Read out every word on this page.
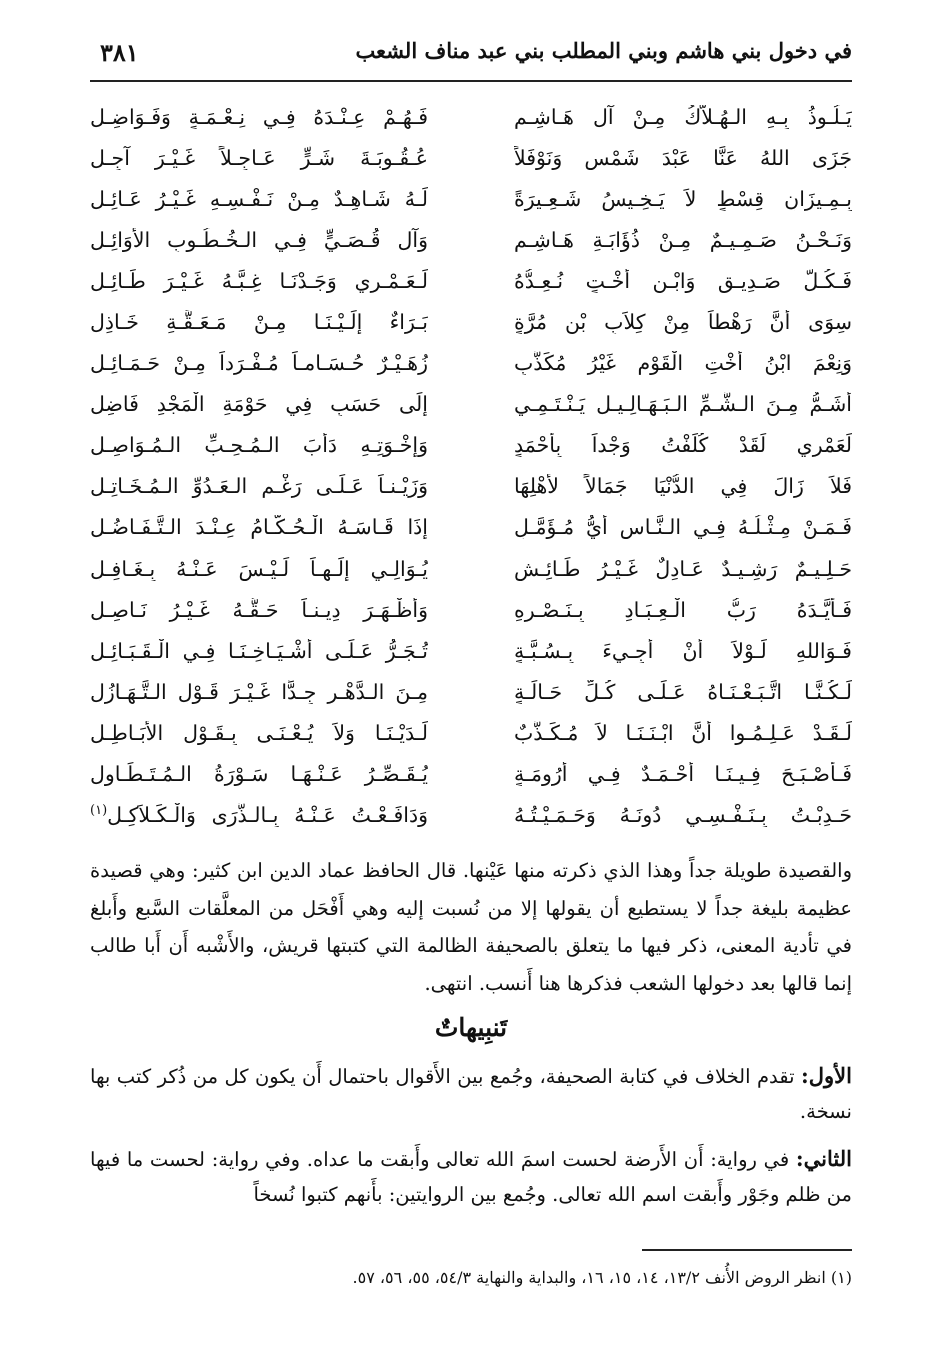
في دخول بني هاشم وبني المطلب بني عبد مناف الشعب
٣٨١
يَـلُـوذُ بِـهِ الـهُـلاَّكُ مِـنْ آلِ هَـاشِـمٍ
فَـهُـمْ عِـنْـدَهُ فِـي نِـعْـمَـةٍ وَفَـوَاضِـلِ
جَزَى اللهُ عَنَّا عَبْدَ شَمْسٍ وَنَوْفَلاً
عُـقُـوبَـةَ شَـرٍّ عَـاجِـلاً غَـيْـرَ آجِـلِ
بِـمِـيزَانِ قِسْطٍ لاَ يَـخِـيسُ شَـعِـيرَةً
لَـهُ شَـاهِـدٌ مِـنْ نَـفْـسِـهِ غَـيْـرُ عَـائِـلِ
وَنَـحْـنُ صَـمِـيـمٌ مِـنْ ذُؤَابَـةِ هَـاشِـمٍ
وَآلِ قُـصَـيٍّ فِـي الـخُـطُـوبِ الأَوَائِـلِ
فَـكُـلٌّ صَـدِيـقٍ وَابْـنِ أُخْـتٍ نُـعِـدُّهُ
لَـعَـمْـرِي وَجَـدْنَـا غِـبَّـهُ غَـيْـرَ طَـائِـلِ
سِوَى أَنَّ رَهْطاً مِنْ كِلاَبِ بْنِ مُرَّةٍ
بَـرَاءٌ إِلَـيْـنَـا مِـنْ مَـعَـقَّـةِ خَـاذِلِ
وَنِعْمَ ابْنُ أُخْتِ الْقَوْمِ غَيْرُ مُكَذَّبٍ
زُهَـيْـرٌ حُـسَـامـاً مُـفْـرَداً مِـنْ حَـمَـائِـلِ
أَشَـمُّ مِـنَ الـشُّـمِّ الـبَـهَـالِـيـلِ يَـنْـتَـمِـي
إِلَى حَسَبٍ فِي حَوْمَةِ الْمَجْدِ فَاضِلِ
لَعَمْرِي لَقَدْ كُلِّفْتُ وَجْداً بِأَحْمَدٍ
وَإِخْـوَتِـهِ دَأْبَ الـمُـحِـبِّ الـمُـوَاصِـلِ
فَلاَ زَالَ فِي الدُّنْيَا جَمَالاً لأَهْلِهَا
وَزَيْـنـاً عَـلَـى رَغْـمِ الـعَـدُوِّ الـمُـخَـاتِـلِ
فَـمَـنْ مِـثْـلُـهُ فِـي الـنَّـاسِ أَيُّ مُـؤَمَّـلٍ
إِذَا قَـاسَـهُ الْـحُـكَّـامُ عِـنْـدَ الـتَّـفَـاضُـلِ
حَـلِـيـمٌ رَشِـيـدٌ عَـادِلٌ غَـيْـرُ طَـائِـشٍ
يُـوَالِـي إِلَـهـاً لَـيْـسَ عَـنْـهُ بِـغَـافِـلِ
فَـأَيَّـدَهُ رَبُّ الْـعِـبَـادِ بِـنَـصْـرِهِ
وَأَظْـهَـرَ دِيـنـاً حَـقُّـهُ غَـيْـرُ نَـاصِـلِ
فَـوَاللهِ لَـوْلاَ أَنْ أَجِـيءَ بِـسُـبَّـةٍ
تُـجَـرُّ عَـلَـى أَشْـيَـاخِـنَـا فِـي الْـقَـبَـائِـلِ
لَـكُـنَّـا اتَّـبَـعْـنَـاهُ عَـلَـى كُـلِّ حَـالَـةٍ
مِـنَ الـدَّهْـرِ جِـدًّا غَـيْـرَ قَـوْلِ الـتَّـهَـازُلِ
لَـقَـدْ عَـلِـمُـوا أَنَّ ابْـنَـنَـا لاَ مُـكَـذَّبٌ
لَـدَيْـنَـا وَلاَ يُـعْـنَـى بِـقَـوْلِ الأَبَـاطِـلِ
فَـأَصْـبَـحَ فِـيـنَـا أَحْـمَـدٌ فِـي أُرُومَـةٍ
يُـقَـصِّـرُ عَـنْـهَـا سَـوْرَةُ الـمُـتَـطَـاوِلِ
حَـدِبْـتُ بِـنَـفْـسِـي دُونَـهُ وَحَـمَـيْـتُـهُ
وَدَافَـعْـتُ عَـنْـهُ بِـالـذُّرَى وَالْـكَـلاَكِـلِ$^{(١)}$

والقصيدة طويلة جداً وهذا الذي ذكرته منها عَيْنها. قال الحافظ عماد الدين ابن كثير: وهي قصيدة عظيمة بليغة جداً لا يستطيع أن يقولها إلا من نُسبت إليه وهي أَفْحَل من المعلَّقات السَّبع وأَبلغ في تأدية المعنى، ذكر فيها ما يتعلق بالصحيفة الظالمة التي كتبتها قريش، والأَشْبه أَن أَبا طالب إنما قالها بعد دخولها الشعب فذكرها هنا أَنسب. انتهى.

تَنبِيهاتٌ

الأول: تقدم الخلاف في كتابة الصحيفة، وجُمع بين الأَقوال باحتمال أَن يكون كل من ذُكر كتب بها نسخة.

الثاني: في رواية: أَن الأَرضة لحست اسمَ الله تعالى وأَبقت ما عداه. وفي رواية: لحست ما فيها من ظلم وجَوْر وأَبقت اسم الله تعالى. وجُمع بين الروايتين: بأَنهم كتبوا نُسخاً

(١) انظر الروض الأُنف ١٣/٢، ١٤، ١٥، ١٦، والبداية والنهاية ٥٤/٣، ٥٥، ٥٦، ٥٧.
